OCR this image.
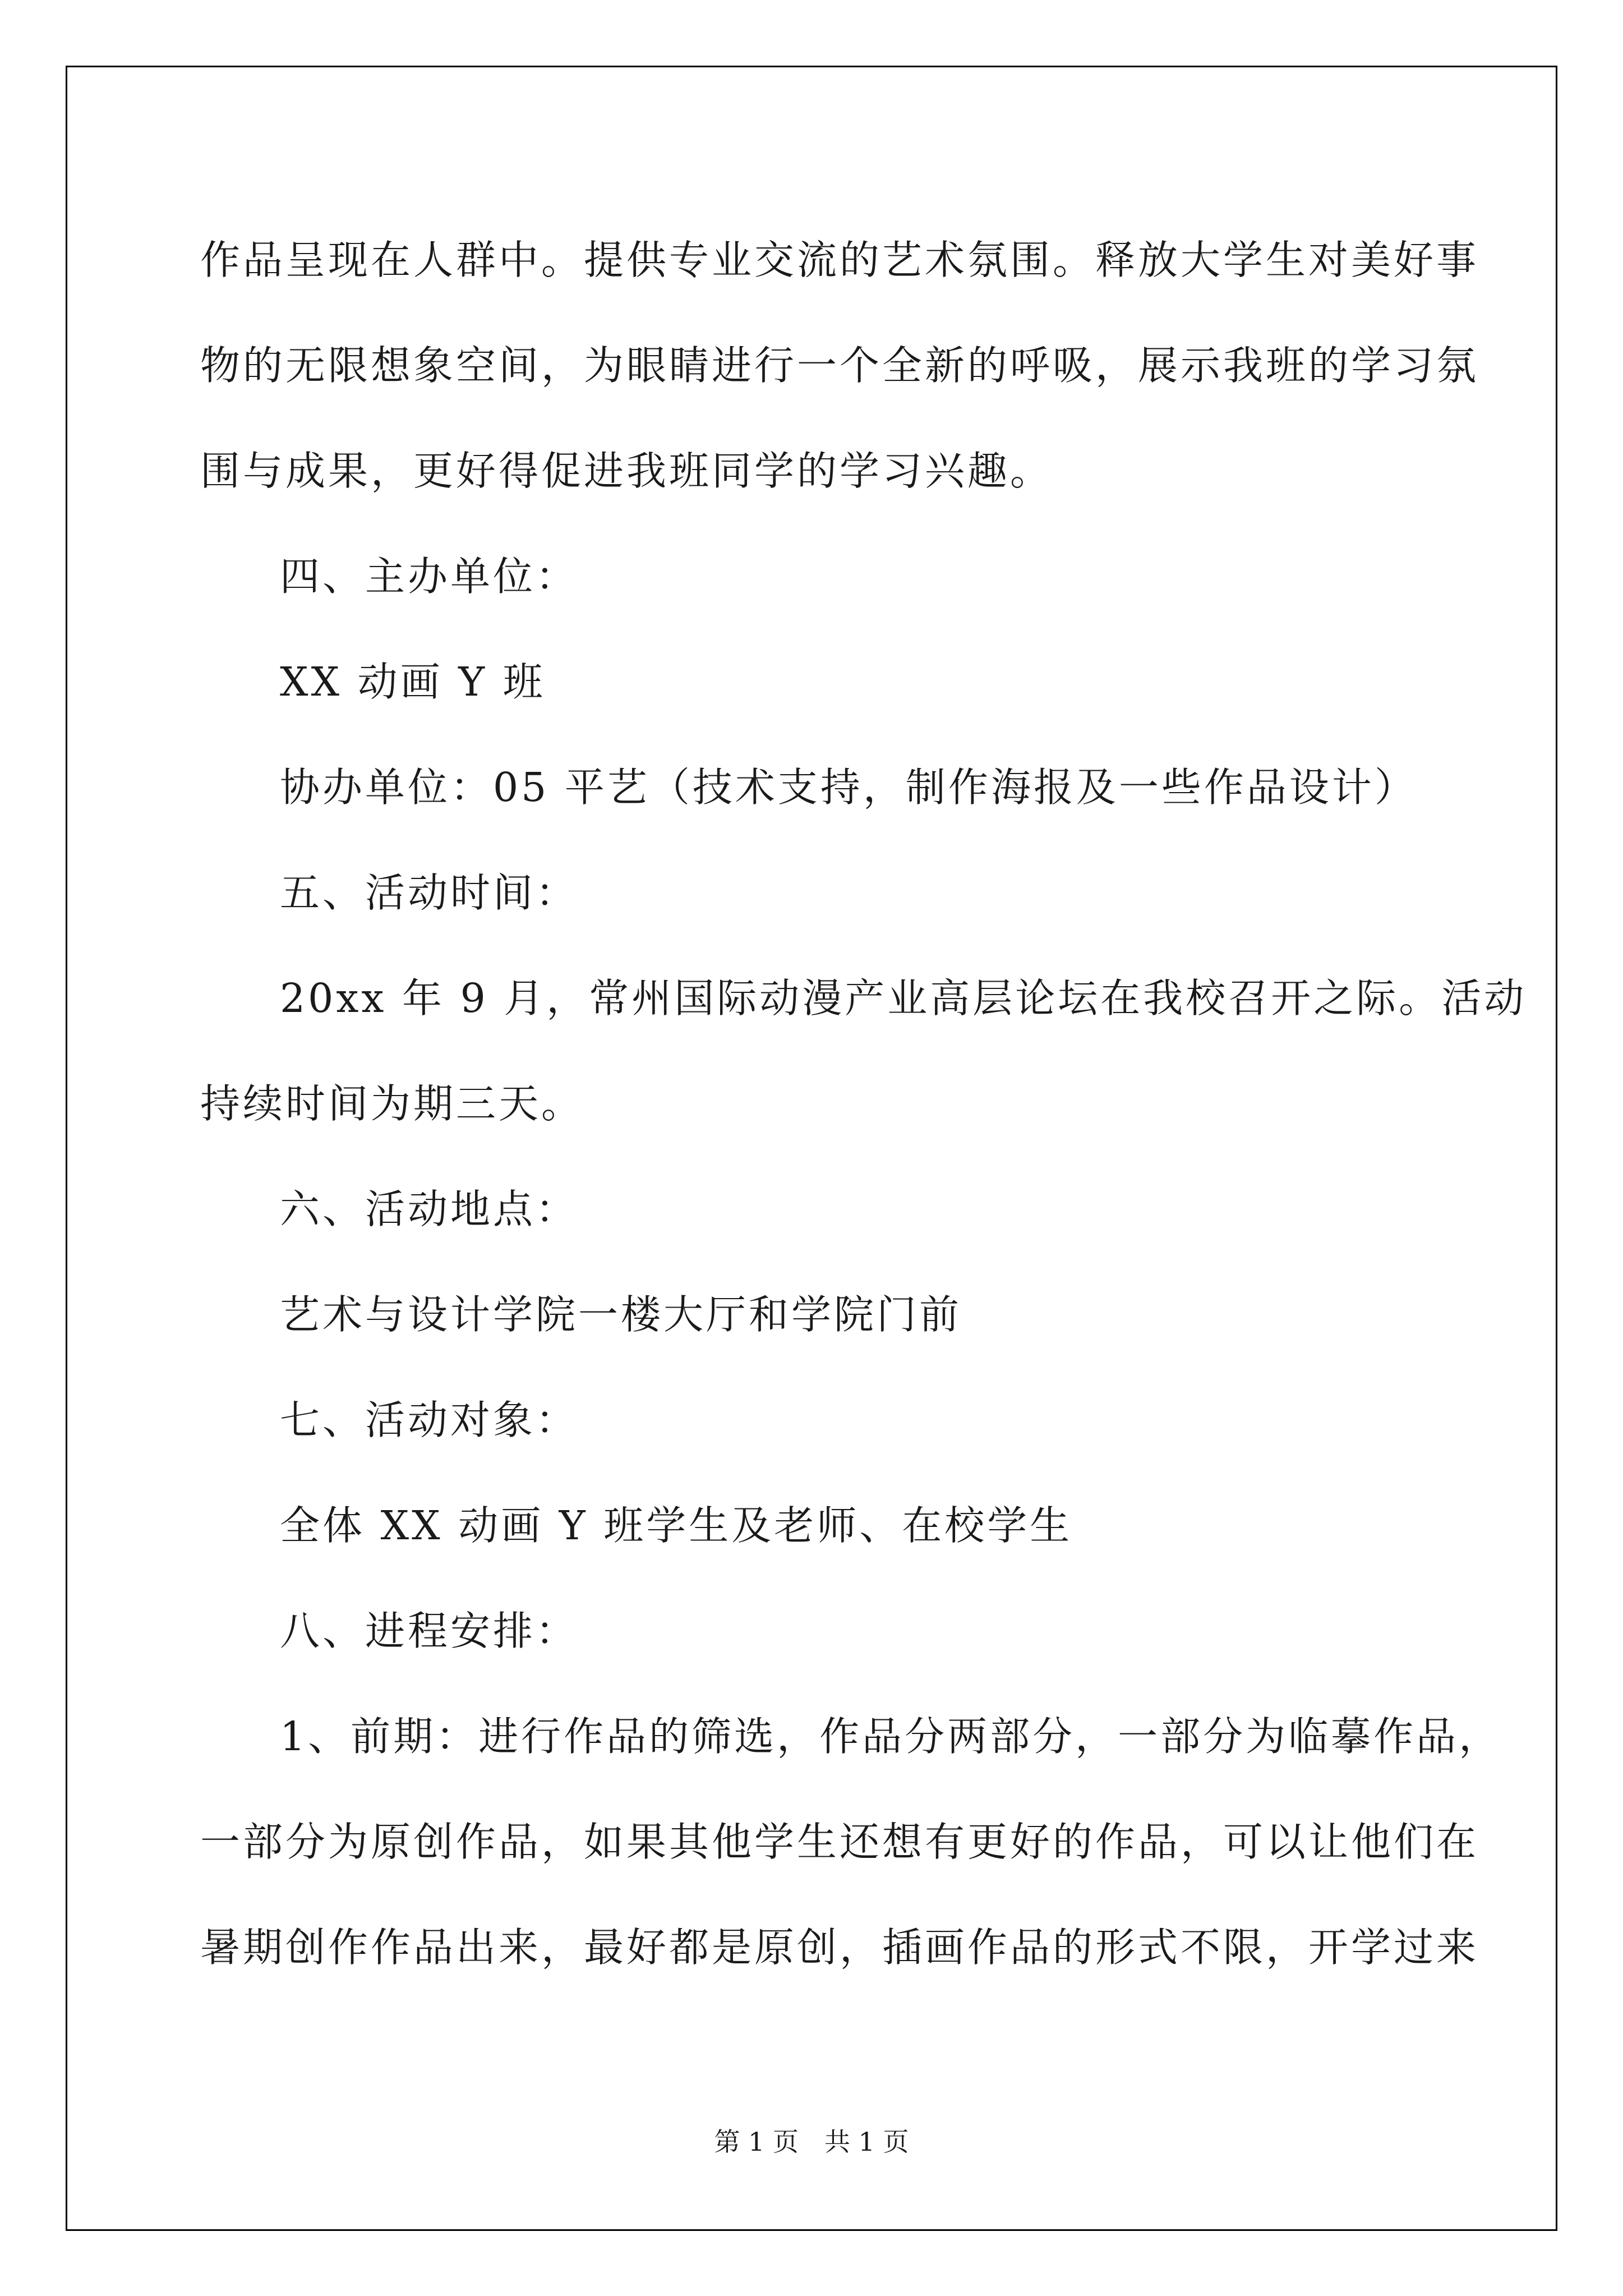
作品呈现在人群中。提供专业交流的艺术氛围。释放大学生对美好事

物的无限想象空间，为眼睛进行一个全新的呼吸，展示我班的学习氛

围与成果，更好得促进我班同学的学习兴趣。

四、主办单位：

XX 动画 Y 班

协办单位：05 平艺（技术支持，制作海报及一些作品设计）

五、活动时间：

20xx 年 9 月，常州国际动漫产业高层论坛在我校召开之际。活动

持续时间为期三天。

六、活动地点：

艺术与设计学院一楼大厅和学院门前

七、活动对象：

全体 XX 动画 Y 班学生及老师、在校学生

八、进程安排：

1、前期：进行作品的筛选，作品分两部分，一部分为临摹作品，

一部分为原创作品，如果其他学生还想有更好的作品，可以让他们在

暑期创作作品出来，最好都是原创，插画作品的形式不限，开学过来

第 1 页 共 1 页
